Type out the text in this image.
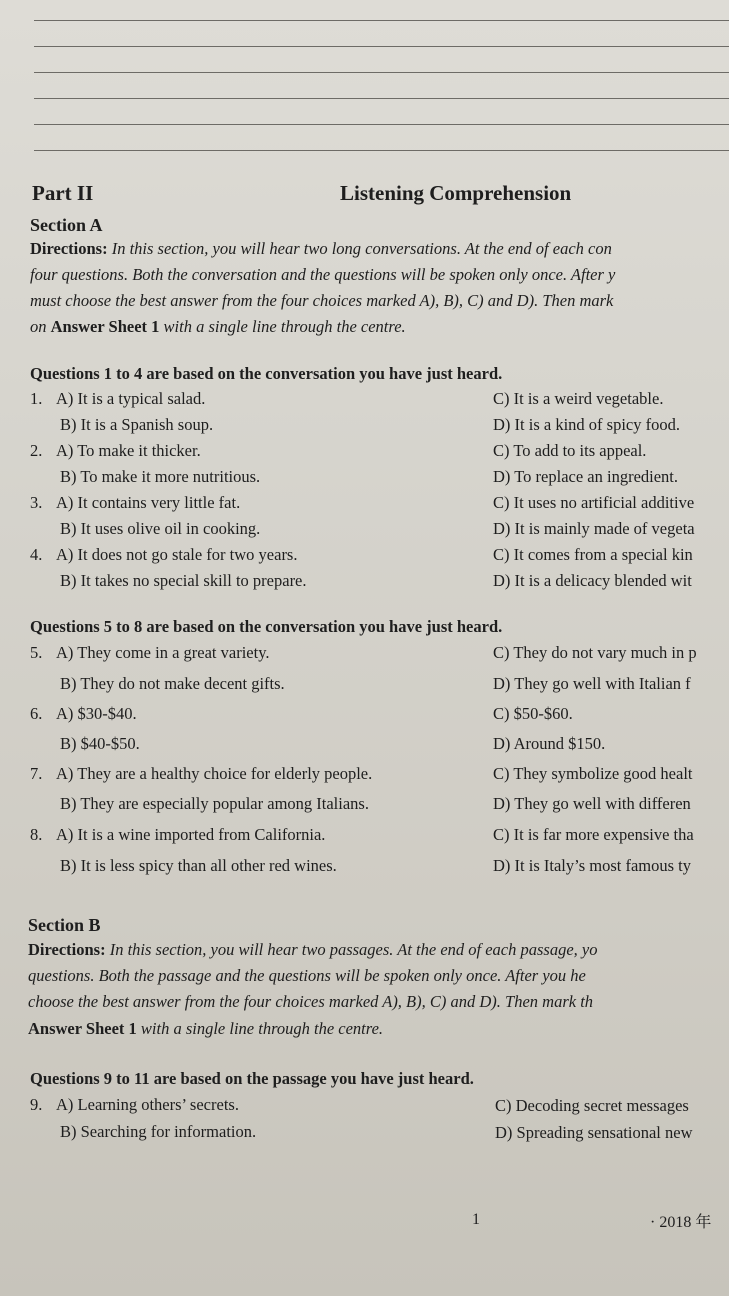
Part II	Listening Comprehension
Section A
Directions: In this section, you will hear two long conversations. At the end of each con
four questions. Both the conversation and the questions will be spoken only once. After y
must choose the best answer from the four choices marked A), B), C) and D). Then mark
on Answer Sheet 1 with a single line through the centre.
Questions 1 to 4 are based on the conversation you have just heard.
1. A) It is a typical salad.	C) It is a weird vegetable.
B) It is a Spanish soup.	D) It is a kind of spicy food.
2. A) To make it thicker.	C) To add to its appeal.
B) To make it more nutritious.	D) To replace an ingredient.
3. A) It contains very little fat.	C) It uses no artificial additive
B) It uses olive oil in cooking.	D) It is mainly made of vegeta
4. A) It does not go stale for two years.	C) It comes from a special kin
B) It takes no special skill to prepare.	D) It is a delicacy blended wit
Questions 5 to 8 are based on the conversation you have just heard.
5. A) They come in a great variety.	C) They do not vary much in p
B) They do not make decent gifts.	D) They go well with Italian f
6. A) $30-$40.	C) $50-$60.
B) $40-$50.	D) Around $150.
7. A) They are a healthy choice for elderly people.	C) They symbolize good healt
B) They are especially popular among Italians.	D) They go well with differen
8. A) It is a wine imported from California.	C) It is far more expensive tha
B) It is less spicy than all other red wines.	D) It is Italy’s most famous ty
Section B
Directions: In this section, you will hear two passages. At the end of each passage, yo
questions. Both the passage and the questions will be spoken only once. After you he
choose the best answer from the four choices marked A), B), C) and D). Then mark th
Answer Sheet 1 with a single line through the centre.
Questions 9 to 11 are based on the passage you have just heard.
9. A) Learning others’ secrets.	C) Decoding secret messages
B) Searching for information.	D) Spreading sensational new
1	· 2018 年
